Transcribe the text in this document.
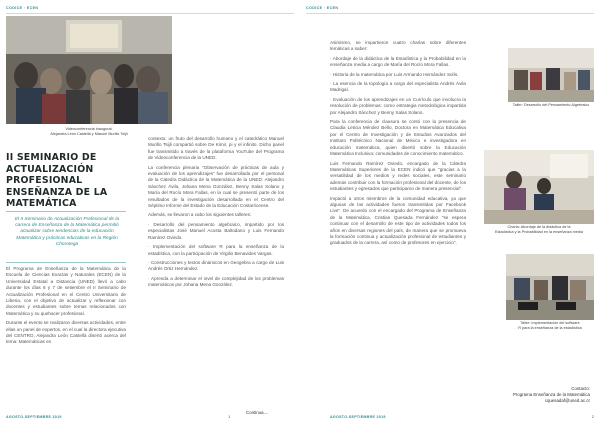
CODICE · ECEN
Videoconferencia inaugural:
Alejandra León Castellá y Manuel Murillo Tsijli
II SEMINARIO DE ACTUALIZACIÓN PROFESIONAL ENSEÑANZA DE LA MATEMÁTICA
El II Seminario de Actualización Profesional de la carrera de Enseñanza de la Matemática permitió actualizar sobre tendencias de la educación Matemática y prácticas educativas en la Región Chorotega

El Programa de Enseñanza de la Matemática de la Escuela de Ciencias Exactas y Naturales (ECEN) de la Universidad Estatal a Distancia (UNED) llevó a cabo durante los días 6 y 7 de setiembre el II Seminario de Actualización Profesional en el Centro Universitario de Liberia, con el objetivo de actualizar y reflexionar con docentes y estudiantes sobre temas relacionados con Matemática y su quehacer profesional.

Durante el evento se realizaron diversas actividades, entre ellas un panel de expertos, en el cual la directora ejecutiva del CENTRO, Alejandra León Castellá disertó acerca del tema: Matemáticas en

contexto: un fruto del desarrollo humano y el catedrático Manuel Murillo Tsijli compartió sobre De Kimir, pi y el infinito. Dicho panel fue transmitido a través de la plataforma YouTube del Programa de Videoconferencia de la UNED.

La conferencia plenaria "Observación de prácticas de aula y evaluación de los aprendizajes" fue desarrollada por el personal de la Cátedra Didáctica de la Matemática de la UNED: Alejandro Sánchez Ávila, Johana Mena González, Benny Salas Solano y María del Rocío Mora Fallas, en la cual se presentó parte de los resultados de la investigación desarrollada en el Centro del Séptimo Informe del Estado de la Educación Costarricense.

Además, se llevaron a cabo los siguientes talleres:

· Desarrollo del pensamiento algebraico, impartido por los especialistas José Manuel Acosta Baltodano y Luis Fernando Ramírez Oviedo.

· Implementación del software R para la enseñanza de la estadística, con la participación de Virgilio Benavides Vargas.

· Construcciones y textos dinámicos en Geogebra a cargo de Luis Andrés Ortiz Hernández.

· Aprenda a determinar el nivel de complejidad de los problemas matemáticos por Johana Mena González.

AGOSTO-SEPTIEMBRE 2019
Continua....
1
CODICE · ECEN

Asimismo, se impartieron cuatro charlas sobre diferentes temáticas a saber:

· Abordaje de la didáctica de la Estadística y la Probabilidad en la enseñanza media a cargo de María del Rocío Mora Fallas.

· Historia de la matemática por Luis Armando Hernández Solís.

· La esencia de la topología a cargo del especialista Andrés Ávila Madrigal.

· Evaluación de los aprendizajes en un Currículo que involucra la resolución de problemas: como estrategia metodológica impartida por Alejandro Sánchez y Benny Salas Solano.

Para la conferencia de clausura se contó con la presencia de Claudia Leticia Méndez Bello, Doctora en Matemática Educativa por el Centro de Investigación y de Estudios Avanzados del Instituto Politécnico Nacional de México e investigadora en educación matemática, quien disertó sobre la Educación Matemática Inclusiva: comunidades de conocimiento matemático.

Luis Fernando Ramírez Oviedo, encargado de la Cátedra Matemáticas Superiores de la ECEN indicó que "gracias a la versatilidad de los medios y redes sociales, este seminario además contribuir con la formación profesional del docente, de los estudiantes y egresados que participaron de manera presencial".

Impactó a otros miembros de la comunidad educativa, ya que algunas de las actividades fueron transmitidas por Facebook Live". De acuerdo con el encargado del Programa de Enseñanza de la Matemática, Cristian Quesada Fernández "se espera continuar con el desarrollo de este tipo de actividades todos los años en diversas regiones del país, de manera que se promueva la formación continua y actualización profesional de estudiantes y graduados de la carrera, así como de profesores en ejercicio".

Taller: Desarrollo del Pensamiento Algebraico
Charla: Abordaje de la didáctica de la
Estadística y la Probabilidad en la enseñanza media
Taller: Implementación del software
R para la enseñanza de la estadística
Contacto:
Programa Enseñanza de la Matemática
cquesadaf@uned.ac.cr
AGOSTO-SEPTIEMBRE 2019	2
